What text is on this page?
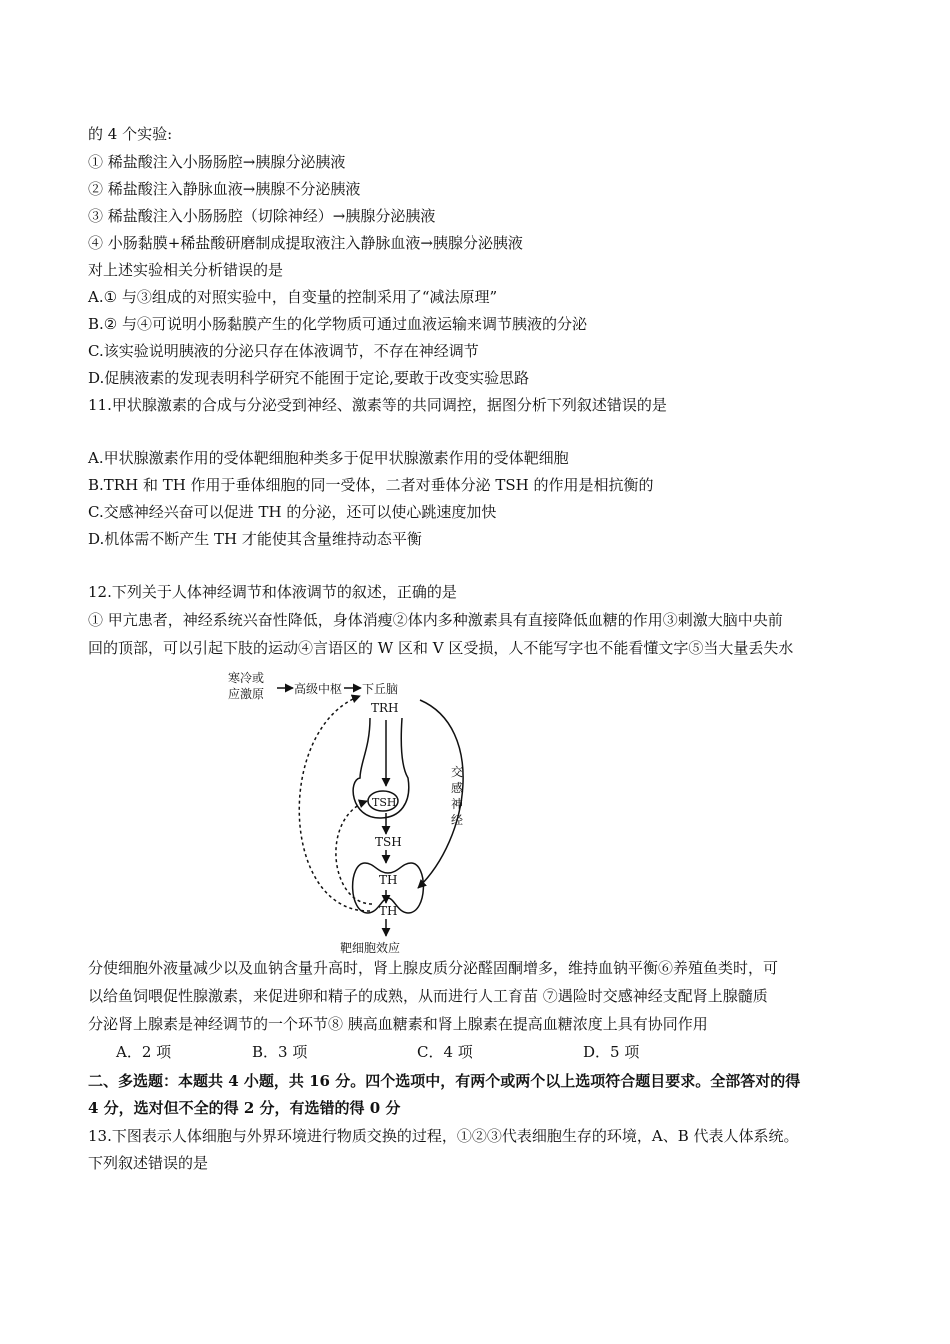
的 4 个实验:
① 稀盐酸注入小肠肠腔→胰腺分泌胰液
② 稀盐酸注入静脉血液→胰腺不分泌胰液
③ 稀盐酸注入小肠肠腔（切除神经）→胰腺分泌胰液
④ 小肠黏膜+稀盐酸研磨制成提取液注入静脉血液→胰腺分泌胰液
对上述实验相关分析错误的是
A.① 与③组成的对照实验中，自变量的控制采用了“减法原理”
B.② 与④可说明小肠黏膜产生的化学物质可通过血液运输来调节胰液的分泌
C.该实验说明胰液的分泌只存在体液调节，不存在神经调节
D.促胰液素的发现表明科学研究不能囿于定论,要敢于改变实验思路
11.甲状腺激素的合成与分泌受到神经、激素等的共同调控，据图分析下列叙述错误的是
A.甲状腺激素作用的受体靶细胞种类多于促甲状腺激素作用的受体靶细胞
B.TRH 和 TH 作用于垂体细胞的同一受体，二者对垂体分泌 TSH 的作用是相抗衡的
C.交感神经兴奋可以促进 TH 的分泌，还可以使心跳速度加快
D.机体需不断产生 TH 才能使其含量维持动态平衡
12.下列关于人体神经调节和体液调节的叙述，正确的是
① 甲亢患者，神经系统兴奋性降低，身体消瘦②体内多种激素具有直接降低血糖的作用③刺激大脑中央前
回的顶部，可以引起下肢的运动④言语区的 W 区和 V 区受损，人不能写字也不能看懂文字⑤当大量丢失水
寒冷或
应激原 高级中枢 下丘脑
TRH
TSH
TSH
TH
TH
靶细胞效应
交
感
神
经
分使细胞外液量减少以及血钠含量升高时，肾上腺皮质分泌醛固酮增多，维持血钠平衡⑥养殖鱼类时，可
以给鱼饲喂促性腺激素，来促进卵和精子的成熟，从而进行人工育苗 ⑦遇险时交感神经支配肾上腺髓质
分泌肾上腺素是神经调节的一个环节⑧ 胰高血糖素和肾上腺素在提高血糖浓度上具有协同作用
A．2 项	B．3 项	C．4 项	D．5 项
二、多选题：本题共 4 小题，共 16 分。四个选项中，有两个或两个以上选项符合题目要求。全部答对的得
4 分，选对但不全的得 2 分，有选错的得 0 分
13.下图表示人体细胞与外界环境进行物质交换的过程，①②③代表细胞生存的环境，A、B 代表人体系统。
下列叙述错误的是
